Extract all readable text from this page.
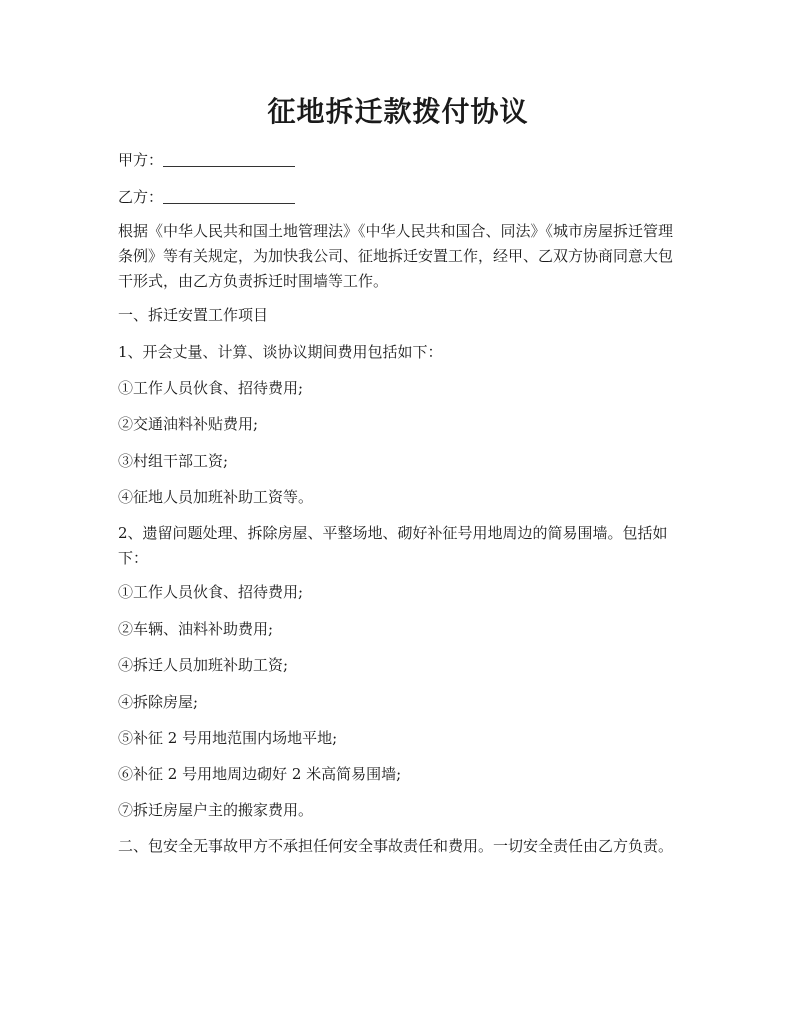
征地拆迁款拨付协议

甲方：

乙方：

根据《中华人民共和国土地管理法》《中华人民共和国合、同法》《城市房屋拆迁管理条例》等有关规定，为加快我公司、征地拆迁安置工作，经甲、乙双方协商同意大包干形式，由乙方负责拆迁时围墙等工作。

一、拆迁安置工作项目

1、开会丈量、计算、谈协议期间费用包括如下：

①工作人员伙食、招待费用;

②交通油料补贴费用;

③村组干部工资;

④征地人员加班补助工资等。

2、遗留问题处理、拆除房屋、平整场地、砌好补征号用地周边的简易围墙。包括如下：

①工作人员伙食、招待费用;

②车辆、油料补助费用;

④拆迁人员加班补助工资;

④拆除房屋;

⑤补征 2 号用地范围内场地平地;

⑥补征 2 号用地周边砌好 2 米高简易围墙;

⑦拆迁房屋户主的搬家费用。

二、包安全无事故甲方不承担任何安全事故责任和费用。一切安全责任由乙方负责。
